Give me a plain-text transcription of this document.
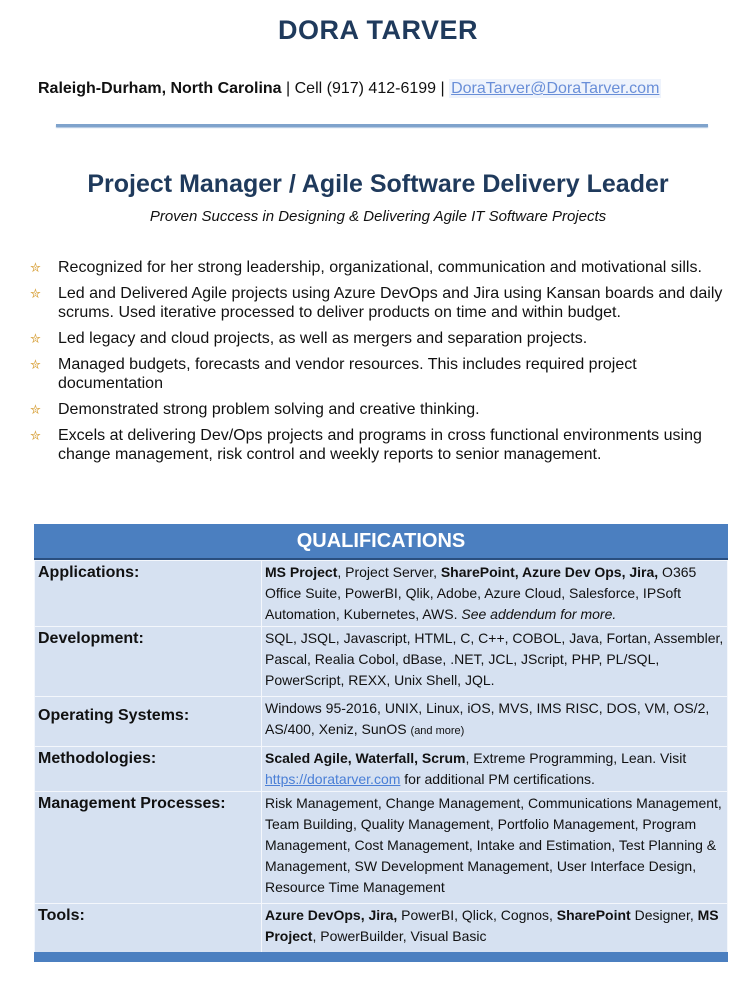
DORA TARVER
Raleigh-Durham, North Carolina | Cell (917) 412-6199 | DoraTarver@DoraTarver.com
Project Manager / Agile Software Delivery Leader
Proven Success in Designing & Delivering Agile IT Software Projects
✮ Recognized for her strong leadership, organizational, communication and motivational sills.
✮ Led and Delivered Agile projects using Azure DevOps and Jira using Kansan boards and daily scrums. Used iterative processed to deliver products on time and within budget.
✮ Led legacy and cloud projects, as well as mergers and separation projects.
✮ Managed budgets, forecasts and vendor resources. This includes required project documentation
✮ Demonstrated strong problem solving and creative thinking.
✮ Excels at delivering Dev/Ops projects and programs in cross functional environments using change management, risk control and weekly reports to senior management.
QUALIFICATIONS
Applications:	MS Project, Project Server, SharePoint, Azure Dev Ops, Jira, O365 Office Suite, PowerBI, Qlik, Adobe, Azure Cloud, Salesforce, IPSoft Automation, Kubernetes, AWS. See addendum for more.
Development:	SQL, JSQL, Javascript, HTML, C, C++, COBOL, Java, Fortan, Assembler, Pascal, Realia Cobol, dBase, .NET, JCL, JScript, PHP, PL/SQL, PowerScript, REXX, Unix Shell, JQL.
Operating Systems:	Windows 95-2016, UNIX, Linux, iOS, MVS, IMS RISC, DOS, VM, OS/2, AS/400, Xeniz, SunOS (and more)
Methodologies:	Scaled Agile, Waterfall, Scrum, Extreme Programming, Lean. Visit https://doratarver.com for additional PM certifications.
Management Processes:	Risk Management, Change Management, Communications Management, Team Building, Quality Management, Portfolio Management, Program Management, Cost Management, Intake and Estimation, Test Planning & Management, SW Development Management, User Interface Design, Resource Time Management
Tools:	Azure DevOps, Jira, PowerBI, Qlick, Cognos, SharePoint Designer, MS Project, PowerBuilder, Visual Basic
